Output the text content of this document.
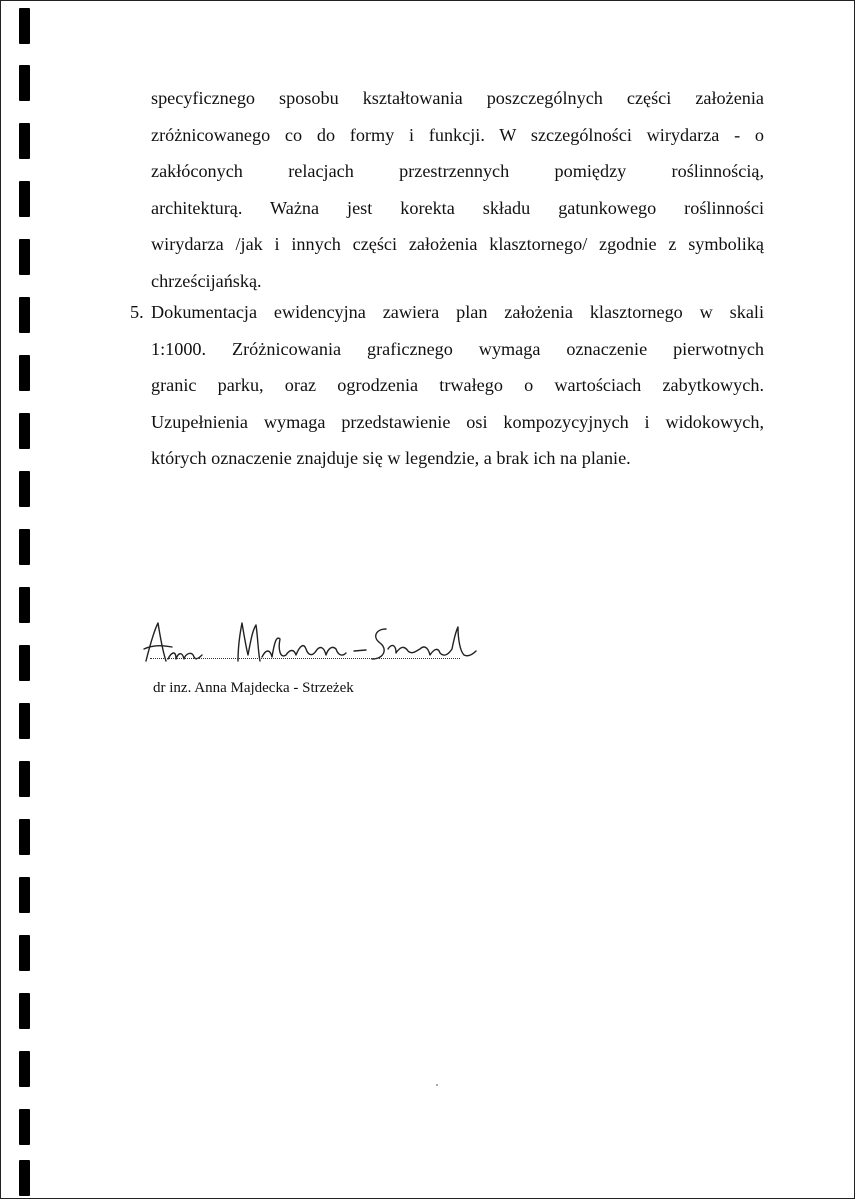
specyficznego sposobu kształtowania poszczególnych części założenia
zróżnicowanego co do formy i funkcji. W szczególności wirydarza - o
zakłóconych relacjach przestrzennych pomiędzy roślinnością,
architekturą. Ważna jest korekta składu gatunkowego roślinności
wirydarza /jak i innych części założenia klasztornego/ zgodnie z symboliką
chrześcijańską.
5. Dokumentacja ewidencyjna zawiera plan założenia klasztornego w skali
1:1000. Zróżnicowania graficznego wymaga oznaczenie pierwotnych
granic parku, oraz ogrodzenia trwałego o wartościach zabytkowych.
Uzupełnienia wymaga przedstawienie osi kompozycyjnych i widokowych,
których oznaczenie znajduje się w legendzie, a brak ich na planie.
dr inz. Anna Majdecka - Strzeżek
